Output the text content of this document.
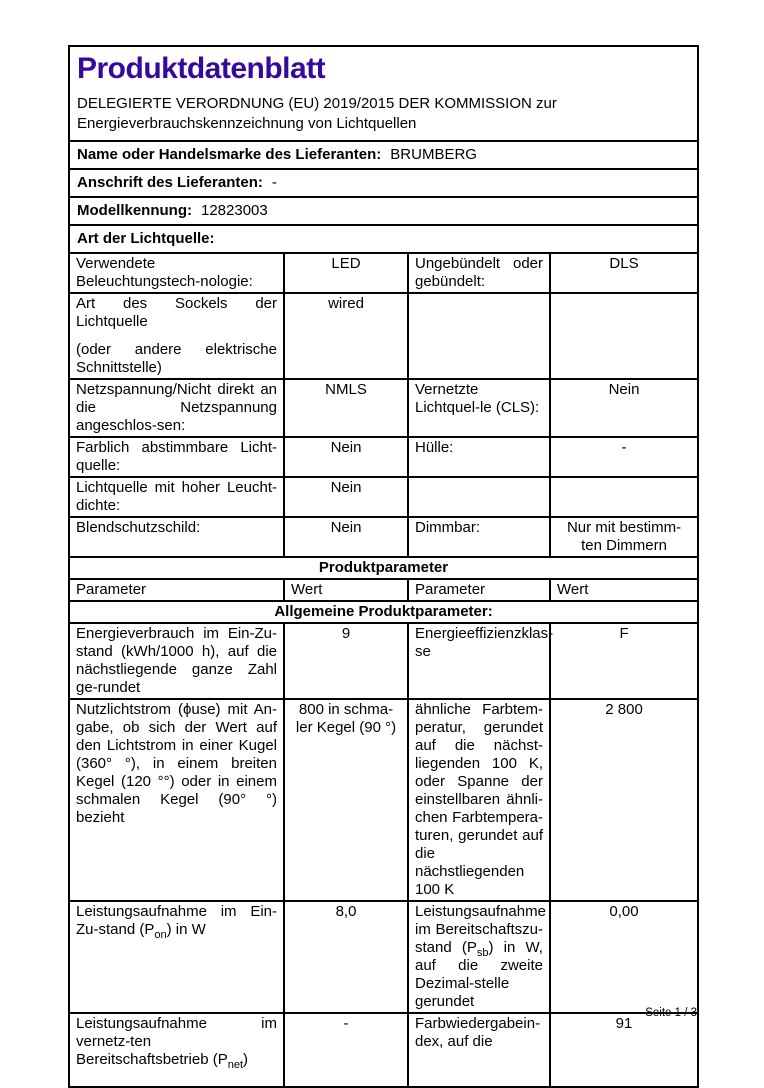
Produktdatenblatt
DELEGIERTE VERORDNUNG (EU) 2019/2015 DER KOMMISSION zur
Energieverbrauchskennzeichnung von Lichtquellen

Name oder Handelsmarke des Lieferanten: BRUMBERG			
Anschrift des Lieferanten: -			
Modellkennung: 12823003			
Art der Lichtquelle:			

Verwendete Beleuchtungstech-nologie:	LED	Ungebündelt oder gebündelt:	DLS

Art des Sockels der Lichtquelle
(oder andere elektrische Schnittstelle)	wired		

Netzspannung/Nicht direkt an die Netzspannung angeschlos-sen:	NMLS	Vernetzte Lichtquel-le (CLS):	Nein

Farblich abstimmbare Licht-quelle:	Nein	Hülle:	-

Lichtquelle mit hoher Leucht-dichte:	Nein		

Blendschutzschild:	Nein	Dimmbar:	Nur mit bestimm-ten Dimmern

Produktparameter			
Parameter	Wert	Parameter	Wert
Allgemeine Produktparameter:			

Energieverbrauch im Ein-Zu-stand (kWh/1000 h), auf die nächstliegende ganze Zahl ge-rundet	9	Energieeffizienzklas-se	F

Nutzlichtstrom (ϕuse) mit An-gabe, ob sich der Wert auf den Lichtstrom in einer Kugel (360° °), in einem breiten Kegel (120 °°) oder in einem schmalen Kegel (90° °) bezieht	800 in schma-ler Kegel (90 °)	ähnliche Farbtem-peratur, gerundet auf die nächst-liegenden 100 K, oder Spanne der einstellbaren ähnli-chen Farbtempera-turen, gerundet auf die nächstliegenden 100 K	2 800

Leistungsaufnahme im Ein-Zu-stand $(P_{on})$ in W	8,0	Leistungsaufnahme im Bereitschaftszu-stand $(P_{sb})$ in W, auf die zweite Dezimal-stelle gerundet	0,00

Leistungsaufnahme im vernetz-ten Bereitschaftsbetrieb $(P_{net})$	-	Farbwiedergabein-dex, auf die	91
Seite 1 / 3
